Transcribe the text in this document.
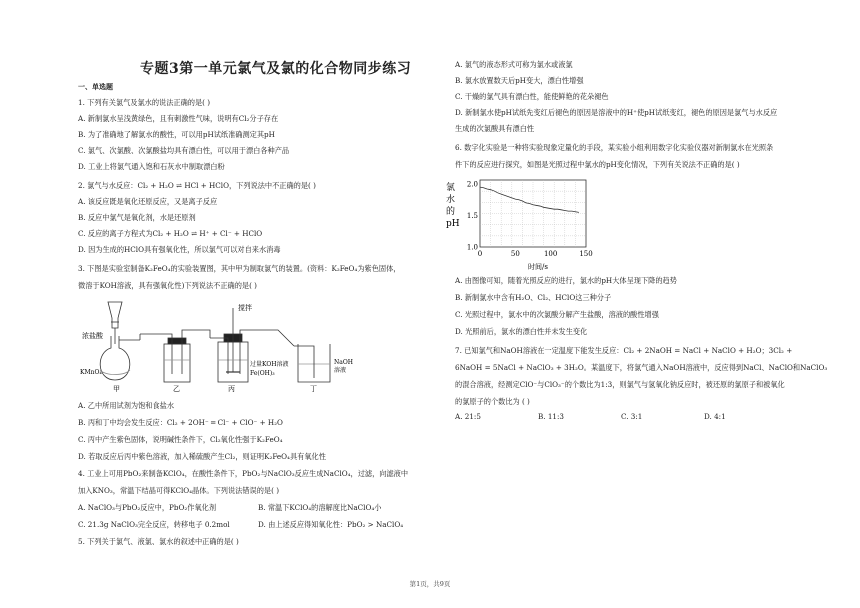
专题3第一单元氯气及氯的化合物同步练习
一、单选题
1. 下列有关氯气及氯水的说法正确的是( )
A. 新制氯水呈浅黄绿色，且有刺激性气味，说明有Cl₂分子存在
B. 为了准确地了解氯水的酸性，可以用pH试纸准确测定其pH
C. 氯气、次氯酸、次氯酸盐均具有漂白性，可以用于漂白各种产品
D. 工业上将氯气通入饱和石灰水中制取漂白粉
2. 氯气与水反应：Cl₂ + H₂O ⇌ HCl + HClO，下列说法中不正确的是( )
A. 该反应既是氧化还原反应，又是离子反应
B. 反应中氯气是氧化剂，水是还原剂
C. 反应的离子方程式为Cl₂ + H₂O ⇌ H⁺ + Cl⁻ + HClO
D. 因为生成的HClO具有强氧化性，所以氯气可以对自来水消毒
3. 下图是实验室制备K₂FeO₄的实验装置图，其中甲为制取氯气的装置。(资料：K₂FeO₄为紫色固体，
微溶于KOH溶液，具有强氧化性)下列说法不正确的是( )
A. 乙中所用试剂为饱和食盐水
B. 丙和丁中均会发生反应：Cl₂ + 2OH⁻ ═ Cl⁻ + ClO⁻ + H₂O
C. 丙中产生紫色固体，说明碱性条件下，Cl₂氧化性强于K₂FeO₄
D. 若取反应后丙中紫色溶液，加入稀硫酸产生Cl₂，则证明K₂FeO₄具有氧化性
4. 工业上可用PbO₂来制备KClO₄，在酸性条件下，PbO₂与NaClO₃反应生成NaClO₄，过滤，向滤液中
加入KNO₃，常温下结晶可得KClO₄晶体。下列说法错误的是( )
5. 下列关于氯气、液氯、氯水的叙述中正确的是( )
A. NaClO₃与PbO₂反应中，PbO₂作氧化剂	B. 常温下KClO₄的溶解度比NaClO₄小
C. 21.3g NaClO₃完全反应，转移电子 0.2mol	D. 由上述反应得知氧化性：PbO₂ > NaClO₄
A. 氯气的液态形式可称为氯水或液氯
B. 氯水放置数天后pH变大，漂白性增强
C. 干燥的氯气具有漂白性，能使鲜艳的花朵褪色
D. 新制氯水使pH试纸先变红后褪色的原因是溶液中的H⁺使pH试纸变红，褪色的原因是氯气与水反应
生成的次氯酸具有漂白性
6. 数字化实验是一种将实验现象定量化的手段，某实验小组利用数字化实验仪器对新制氯水在光照条
件下的反应进行探究，如图是光照过程中氯水的pH变化情况，下列有关说法不正确的是( )
A. 由图像可知，随着光照反应的进行，氯水的pH大体呈现下降的趋势
B. 新制氯水中含有H₂O、Cl₂、HClO这三种分子
C. 光照过程中，氯水中的次氯酸分解产生盐酸，溶液的酸性增强
D. 光照前后，氯水的漂白性并未发生变化
7. 已知氯气和NaOH溶液在一定温度下能发生反应：Cl₂ + 2NaOH = NaCl + NaClO + H₂O；3Cl₂ +
6NaOH = 5NaCl + NaClO₃ + 3H₂O。某温度下，将氯气通入NaOH溶液中，反应得到NaCl、NaClO和NaClO₃
的混合溶液，经测定ClO⁻与ClO₃⁻的个数比为1:3，则氯气与氢氧化钠反应时，被还原的氯原子和被氧化
的氯原子的个数比为 ( )
浓盐酸
KMnO₄
甲	乙	丙	丁
搅拌
过量KOH溶液
Fe(OH)₃
NaOH
溶液
氯
水
的
pH
0	50	100	150
2.0
1.5
1.0
时间/s
A. 21:5	B. 11:3	C. 3:1	D. 4:1
第1页，共9页
